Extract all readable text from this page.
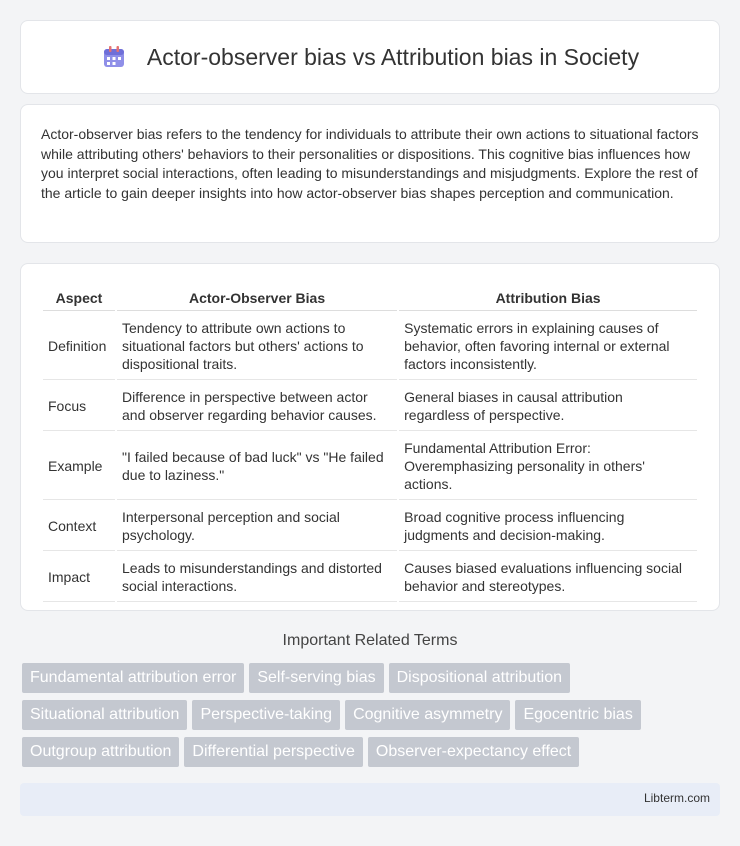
Actor-observer bias vs Attribution bias in Society

Actor-observer bias refers to the tendency for individuals to attribute their own actions to situational factors while attributing others' behaviors to their personalities or dispositions. This cognitive bias influences how you interpret social interactions, often leading to misunderstandings and misjudgments. Explore the rest of the article to gain deeper insights into how actor-observer bias shapes perception and communication.

Aspect	Actor-Observer Bias	Attribution Bias
Definition	Tendency to attribute own actions to situational factors but others' actions to dispositional traits.	Systematic errors in explaining causes of behavior, often favoring internal or external factors inconsistently.
Focus	Difference in perspective between actor and observer regarding behavior causes.	General biases in causal attribution regardless of perspective.
Example	"I failed because of bad luck" vs "He failed due to laziness."	Fundamental Attribution Error: Overemphasizing personality in others' actions.
Context	Interpersonal perception and social psychology.	Broad cognitive process influencing judgments and decision-making.
Impact	Leads to misunderstandings and distorted social interactions.	Causes biased evaluations influencing social behavior and stereotypes.
Important Related Terms
Fundamental attribution error Self-serving bias Dispositional attribution
Situational attribution Perspective-taking Cognitive asymmetry Egocentric bias
Outgroup attribution Differential perspective Observer-expectancy effect
Libterm.com
